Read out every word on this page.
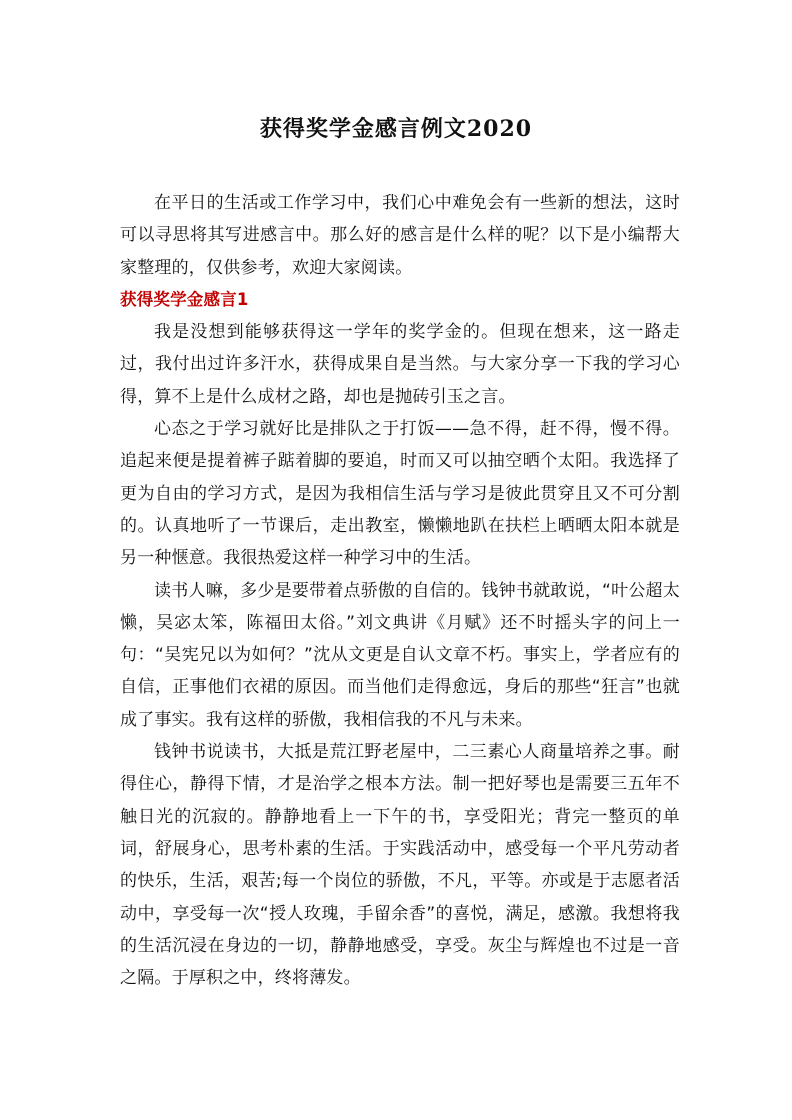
获得奖学金感言例文2020

在平日的生活或工作学习中，我们心中难免会有一些新的想法，这时可以寻思将其写进感言中。那么好的感言是什么样的呢？以下是小编帮大家整理的，仅供参考，欢迎大家阅读。

获得奖学金感言1

我是没想到能够获得这一学年的奖学金的。但现在想来，这一路走过，我付出过许多汗水，获得成果自是当然。与大家分享一下我的学习心得，算不上是什么成材之路，却也是抛砖引玉之言。

心态之于学习就好比是排队之于打饭——急不得，赶不得，慢不得。追起来便是提着裤子踮着脚的要追，时而又可以抽空晒个太阳。我选择了更为自由的学习方式，是因为我相信生活与学习是彼此贯穿且又不可分割的。认真地听了一节课后，走出教室，懒懒地趴在扶栏上晒晒太阳本就是另一种惬意。我很热爱这样一种学习中的生活。

读书人嘛，多少是要带着点骄傲的自信的。钱钟书就敢说，“叶公超太懒，吴宓太笨，陈福田太俗。”刘文典讲《月赋》还不时摇头字的问上一句：“吴宪兄以为如何？”沈从文更是自认文章不朽。事实上，学者应有的自信，正事他们衣裙的原因。而当他们走得愈远，身后的那些“狂言”也就成了事实。我有这样的骄傲，我相信我的不凡与未来。

钱钟书说读书，大抵是荒江野老屋中，二三素心人商量培养之事。耐得住心，静得下情，才是治学之根本方法。制一把好琴也是需要三五年不触日光的沉寂的。静静地看上一下午的书，享受阳光；背完一整页的单词，舒展身心，思考朴素的生活。于实践活动中，感受每一个平凡劳动者的快乐，生活，艰苦;每一个岗位的骄傲，不凡，平等。亦或是于志愿者活动中，享受每一次“授人玫瑰，手留余香”的喜悦，满足，感激。我想将我的生活沉浸在身边的一切，静静地感受，享受。灰尘与辉煌也不过是一音之隔。于厚积之中，终将薄发。
